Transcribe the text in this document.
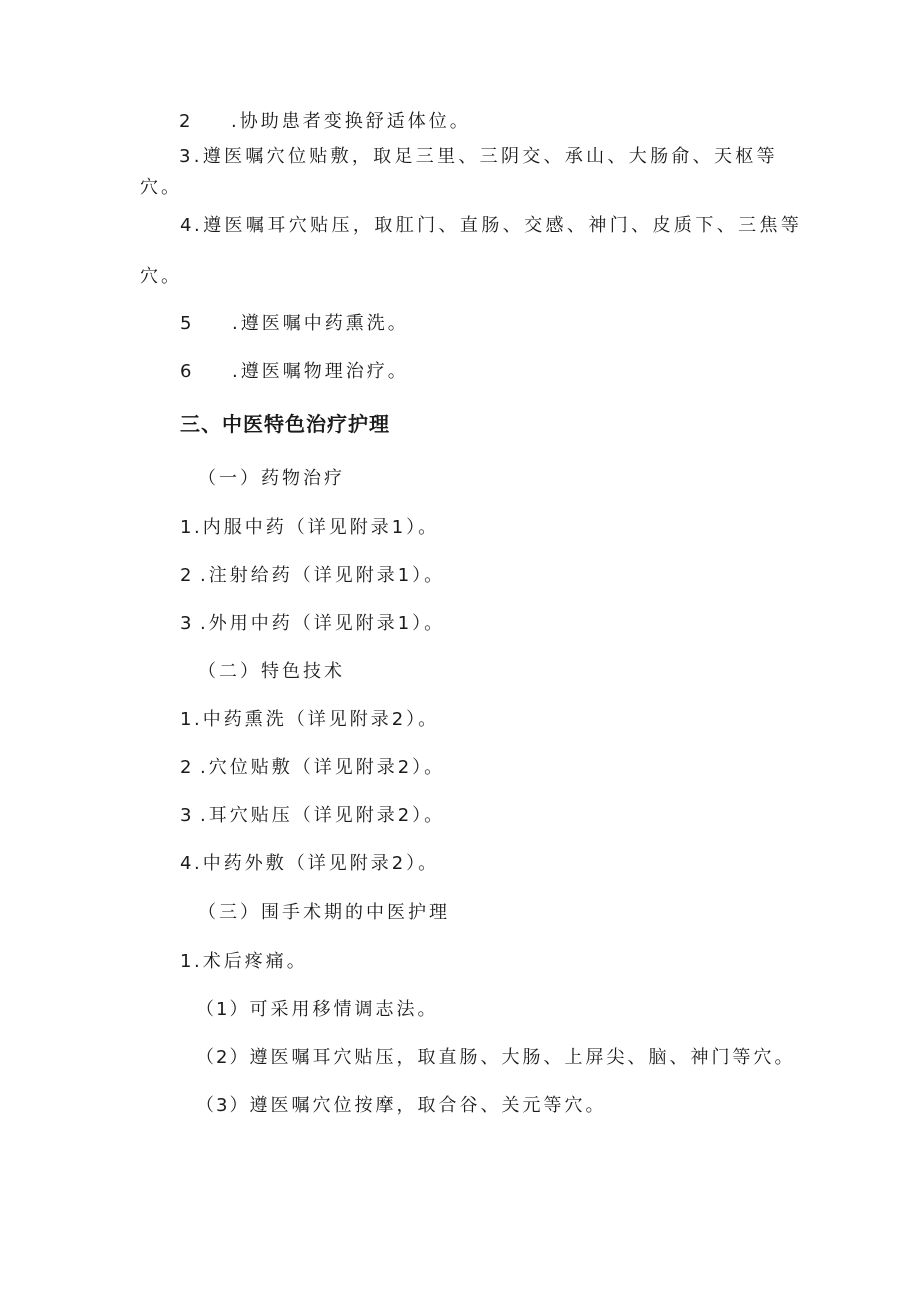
2 .协助患者变换舒适体位。
3.遵医嘱穴位贴敷，取足三里、三阴交、承山、大肠俞、天枢等
穴。
4.遵医嘱耳穴贴压，取肛门、直肠、交感、神门、皮质下、三焦等
穴。
5 .遵医嘱中药熏洗。
6 .遵医嘱物理治疗。
三、中医特色治疗护理
（一）药物治疗
1.内服中药（详见附录1）。
2 .注射给药（详见附录1）。
3 .外用中药（详见附录1）。
（二）特色技术
1.中药熏洗（详见附录2）。
2 .穴位贴敷（详见附录2）。
3 .耳穴贴压（详见附录2）。
4.中药外敷（详见附录2）。
（三）围手术期的中医护理
1.术后疼痛。
（1）可采用移情调志法。
（2）遵医嘱耳穴贴压，取直肠、大肠、上屏尖、脑、神门等穴。
（3）遵医嘱穴位按摩，取合谷、关元等穴。
